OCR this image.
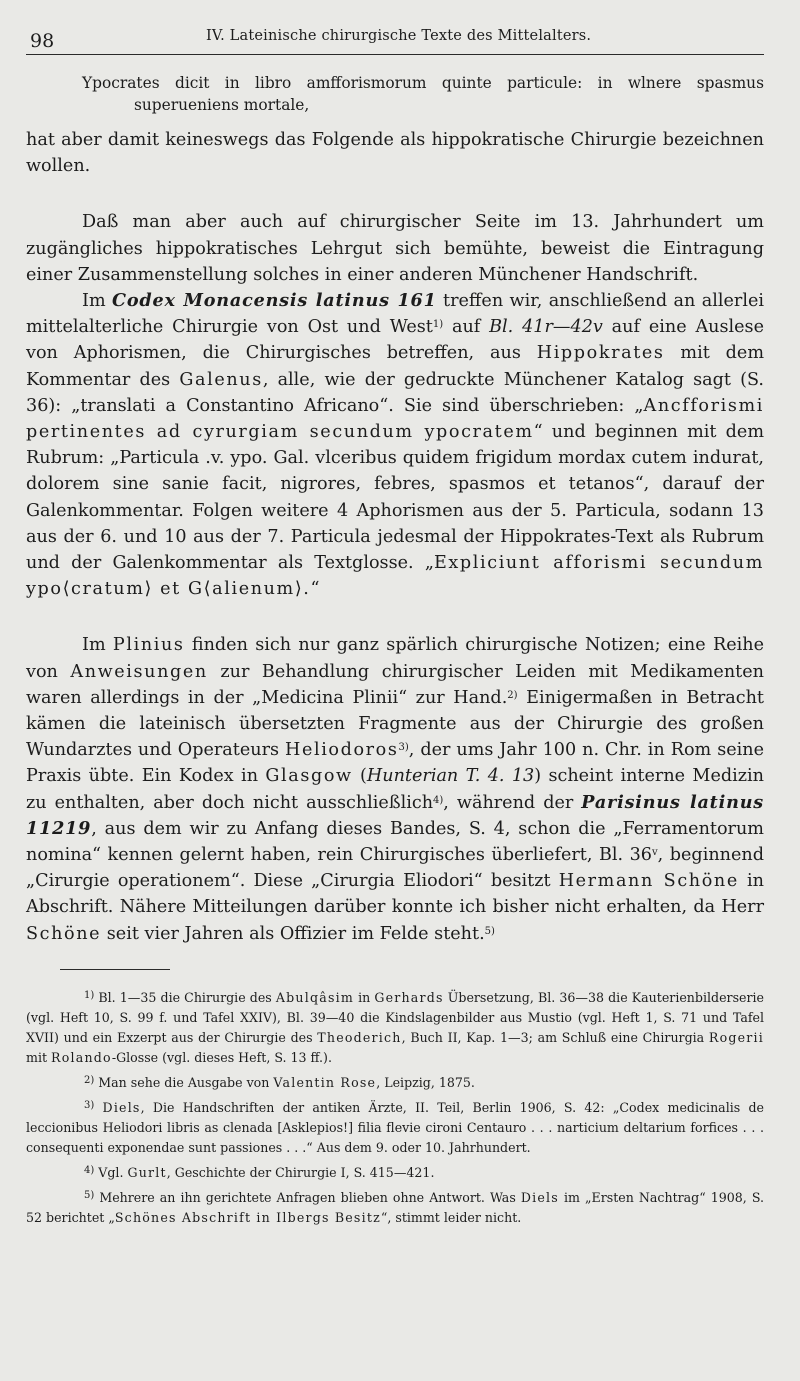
98	IV. Lateinische chirurgische Texte des Mittelalters.

Ypocrates dicit in libro amfforismorum quinte particule: in wlnere spasmus superueniens mortale,

hat aber damit keineswegs das Folgende als hippokratische Chirurgie bezeichnen wollen.

Daß man aber auch auf chirurgischer Seite im 13. Jahrhundert um zugängliches hippokratisches Lehrgut sich bemühte, beweist die Eintragung einer Zusammenstellung solches in einer anderen Münchener Handschrift.

Im Codex Monacensis latinus 161 treffen wir, anschließend an allerlei mittelalterliche Chirurgie von Ost und West$^{1)}$ auf Bl. 41r—42v auf eine Auslese von Aphorismen, die Chirurgisches betreffen, aus Hippokrates mit dem Kommentar des Galenus, alle, wie der gedruckte Münchener Katalog sagt (S. 36): „translati a Constantino Africano“. Sie sind überschrieben: „Ancfforismi pertinentes ad cyrurgiam secundum ypocratem“ und beginnen mit dem Rubrum: „Particula .v. ypo. Gal. vlceribus quidem frigidum mordax cutem indurat, dolorem sine sanie facit, nigrores, febres, spasmos et tetanos“, darauf der Galenkommentar. Folgen weitere 4 Aphorismen aus der 5. Particula, sodann 13 aus der 6. und 10 aus der 7. Particula jedesmal der Hippokrates-Text als Rubrum und der Galenkommentar als Textglosse. „Expliciunt afforismi secundum ypo⟨cratum⟩ et G⟨alienum⟩.“

Im Plinius finden sich nur ganz spärlich chirurgische Notizen; eine Reihe von Anweisungen zur Behandlung chirurgischer Leiden mit Medikamenten waren allerdings in der „Medicina Plinii“ zur Hand.$^{2)}$ Einigermaßen in Betracht kämen die lateinisch übersetzten Fragmente aus der Chirurgie des großen Wundarztes und Operateurs Heliodoros$^{3)}$, der ums Jahr 100 n. Chr. in Rom seine Praxis übte. Ein Kodex in Glasgow (Hunterian T. 4. 13) scheint interne Medizin zu enthalten, aber doch nicht ausschließlich$^{4)}$, während der Parisinus latinus 11219, aus dem wir zu Anfang dieses Bandes, S. 4, schon die „Ferramentorum nomina“ kennen gelernt haben, rein Chirurgisches überliefert, Bl. 36$^v$, beginnend „Cirurgie operationem“. Diese „Cirurgia Eliodori“ besitzt Hermann Schöne in Abschrift. Nähere Mitteilungen darüber konnte ich bisher nicht erhalten, da Herr Schöne seit vier Jahren als Offizier im Felde steht.$^{5)}$

$^{1)}$ Bl. 1—35 die Chirurgie des Abulqâsim in Gerhards Übersetzung, Bl. 36—38 die Kauterienbilderserie (vgl. Heft 10, S. 99 f. und Tafel XXIV), Bl. 39—40 die Kindslagenbilder aus Mustio (vgl. Heft 1, S. 71 und Tafel XVII) und ein Exzerpt aus der Chirurgie des Theoderich, Buch II, Kap. 1—3; am Schluß eine Chirurgia Rogerii mit Rolando-Glosse (vgl. dieses Heft, S. 13 ff.).

$^{2)}$ Man sehe die Ausgabe von Valentin Rose, Leipzig, 1875.

$^{3)}$ Diels, Die Handschriften der antiken Ärzte, II. Teil, Berlin 1906, S. 42: „Codex medicinalis de leccionibus Heliodori libris as clenada [Asklepios!] filia flevie cironi Centauro . . . narticium deltarium forfices . . . consequenti exponendae sunt passiones . . .“ Aus dem 9. oder 10. Jahrhundert.

$^{4)}$ Vgl. Gurlt, Geschichte der Chirurgie I, S. 415—421.

$^{5)}$ Mehrere an ihn gerichtete Anfragen blieben ohne Antwort. Was Diels im „Ersten Nachtrag“ 1908, S. 52 berichtet „Schönes Abschrift in Ilbergs Besitz“, stimmt leider nicht.
